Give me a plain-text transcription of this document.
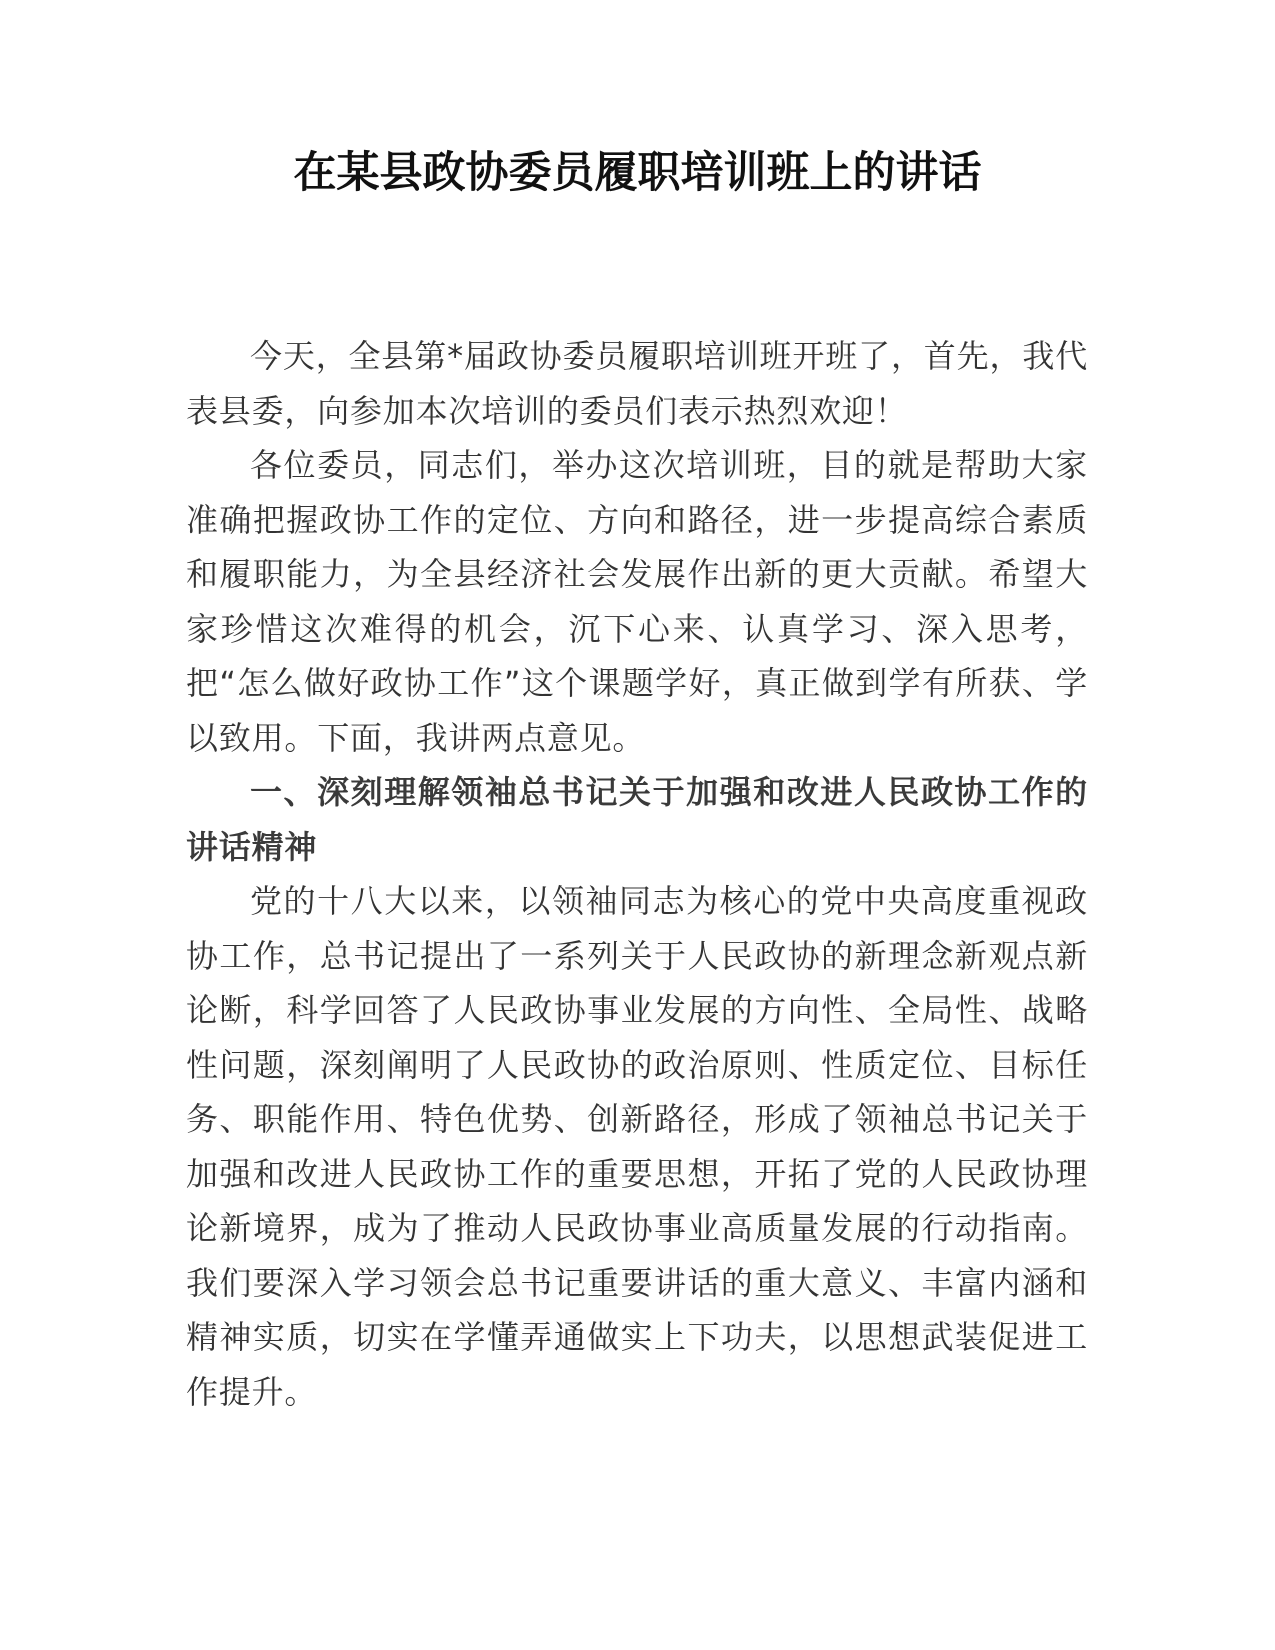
在某县政协委员履职培训班上的讲话

今天，全县第*届政协委员履职培训班开班了，首先，我代表县委，向参加本次培训的委员们表示热烈欢迎！

各位委员，同志们，举办这次培训班，目的就是帮助大家准确把握政协工作的定位、方向和路径，进一步提高综合素质和履职能力，为全县经济社会发展作出新的更大贡献。希望大家珍惜这次难得的机会，沉下心来、认真学习、深入思考，把“怎么做好政协工作”这个课题学好，真正做到学有所获、学以致用。下面，我讲两点意见。

一、深刻理解领袖总书记关于加强和改进人民政协工作的讲话精神

党的十八大以来，以领袖同志为核心的党中央高度重视政协工作，总书记提出了一系列关于人民政协的新理念新观点新论断，科学回答了人民政协事业发展的方向性、全局性、战略性问题，深刻阐明了人民政协的政治原则、性质定位、目标任务、职能作用、特色优势、创新路径，形成了领袖总书记关于加强和改进人民政协工作的重要思想，开拓了党的人民政协理论新境界，成为了推动人民政协事业高质量发展的行动指南。我们要深入学习领会总书记重要讲话的重大意义、丰富内涵和精神实质，切实在学懂弄通做实上下功夫，以思想武装促进工作提升。
